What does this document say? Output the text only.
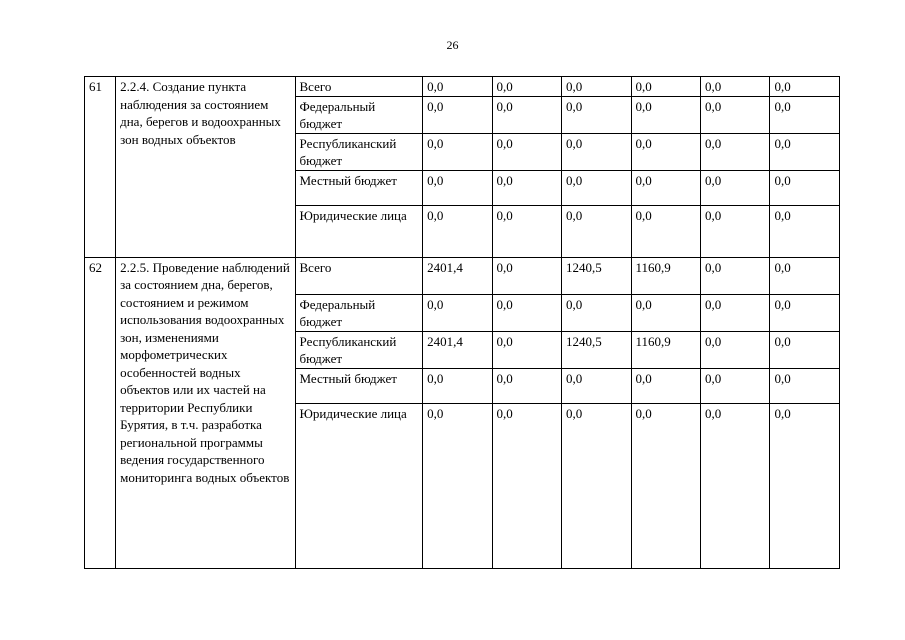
26
61	2.2.4. Создание пункта наблюдения за состоянием дна, берегов и водоохранных зон водных объектов	Всего	0,0	0,0	0,0	0,0	0,0	0,0
		Федеральный бюджет	0,0	0,0	0,0	0,0	0,0	0,0
		Республиканский бюджет	0,0	0,0	0,0	0,0	0,0	0,0
		Местный бюджет	0,0	0,0	0,0	0,0	0,0	0,0
		Юридические лица	0,0	0,0	0,0	0,0	0,0	0,0
62	2.2.5. Проведение наблюдений за состоянием дна, берегов, состоянием и режимом использования водоохранных зон, изменениями морфометрических особенностей водных объектов или их частей на территории Республики Бурятия, в т.ч. разработка региональной программы ведения государственного мониторинга водных объектов	Всего	2401,4	0,0	1240,5	1160,9	0,0	0,0
		Федеральный бюджет	0,0	0,0	0,0	0,0	0,0	0,0
		Республиканский бюджет	2401,4	0,0	1240,5	1160,9	0,0	0,0
		Местный бюджет	0,0	0,0	0,0	0,0	0,0	0,0
		Юридические лица	0,0	0,0	0,0	0,0	0,0	0,0
